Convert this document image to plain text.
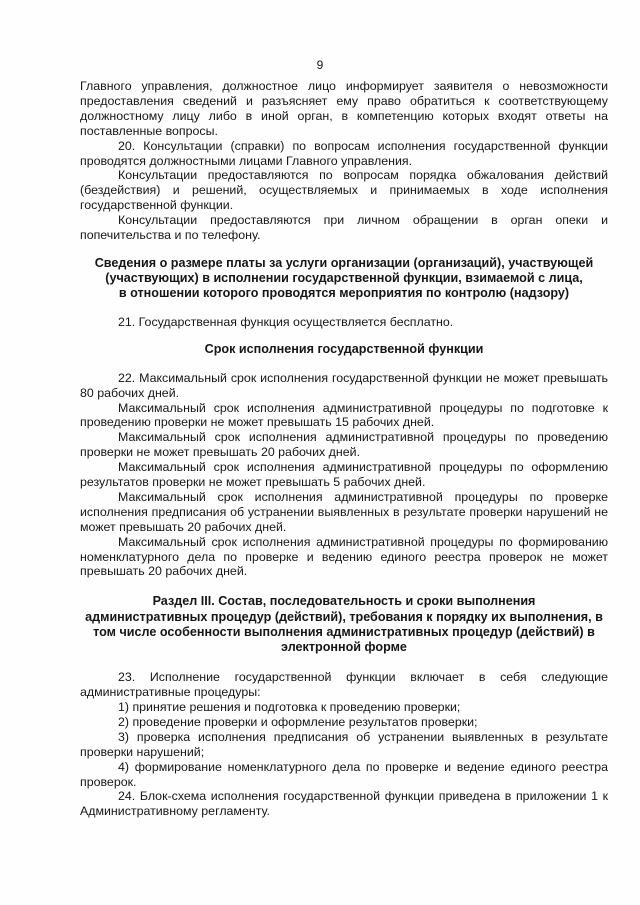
9

Главного управления, должностное лицо информирует заявителя о невозможности предоставления сведений и разъясняет ему право обратиться к соответствующему должностному лицу либо в иной орган, в компетенцию которых входят ответы на поставленные вопросы.

20. Консультации (справки) по вопросам исполнения государственной функции проводятся должностными лицами Главного управления.

Консультации предоставляются по вопросам порядка обжалования действий (бездействия) и решений, осуществляемых и принимаемых в ходе исполнения государственной функции.

Консультации предоставляются при личном обращении в орган опеки и попечительства и по телефону.

Сведения о размере платы за услуги организации (организаций), участвующей
(участвующих) в исполнении государственной функции, взимаемой с лица,
в отношении которого проводятся мероприятия по контролю (надзору)

21. Государственная функция осуществляется бесплатно.

Срок исполнения государственной функции

22. Максимальный срок исполнения государственной функции не может превышать 80 рабочих дней.

Максимальный срок исполнения административной процедуры по подготовке к проведению проверки не может превышать 15 рабочих дней.

Максимальный срок исполнения административной процедуры по проведению проверки не может превышать 20 рабочих дней.

Максимальный срок исполнения административной процедуры по оформлению результатов проверки не может превышать 5 рабочих дней.

Максимальный срок исполнения административной процедуры по проверке исполнения предписания об устранении выявленных в результате проверки нарушений не может превышать 20 рабочих дней.

Максимальный срок исполнения административной процедуры по формированию номенклатурного дела по проверке и ведению единого реестра проверок не может превышать 20 рабочих дней.

Раздел III. Состав, последовательность и сроки выполнения
административных процедур (действий), требования к порядку их выполнения, в
том числе особенности выполнения административных процедур (действий) в
электронной форме

23. Исполнение государственной функции включает в себя следующие административные процедуры:

1) принятие решения и подготовка к проведению проверки;

2) проведение проверки и оформление результатов проверки;

3) проверка исполнения предписания об устранении выявленных в результате проверки нарушений;

4) формирование номенклатурного дела по проверке и ведение единого реестра проверок.

24. Блок-схема исполнения государственной функции приведена в приложении 1 к Административному регламенту.
